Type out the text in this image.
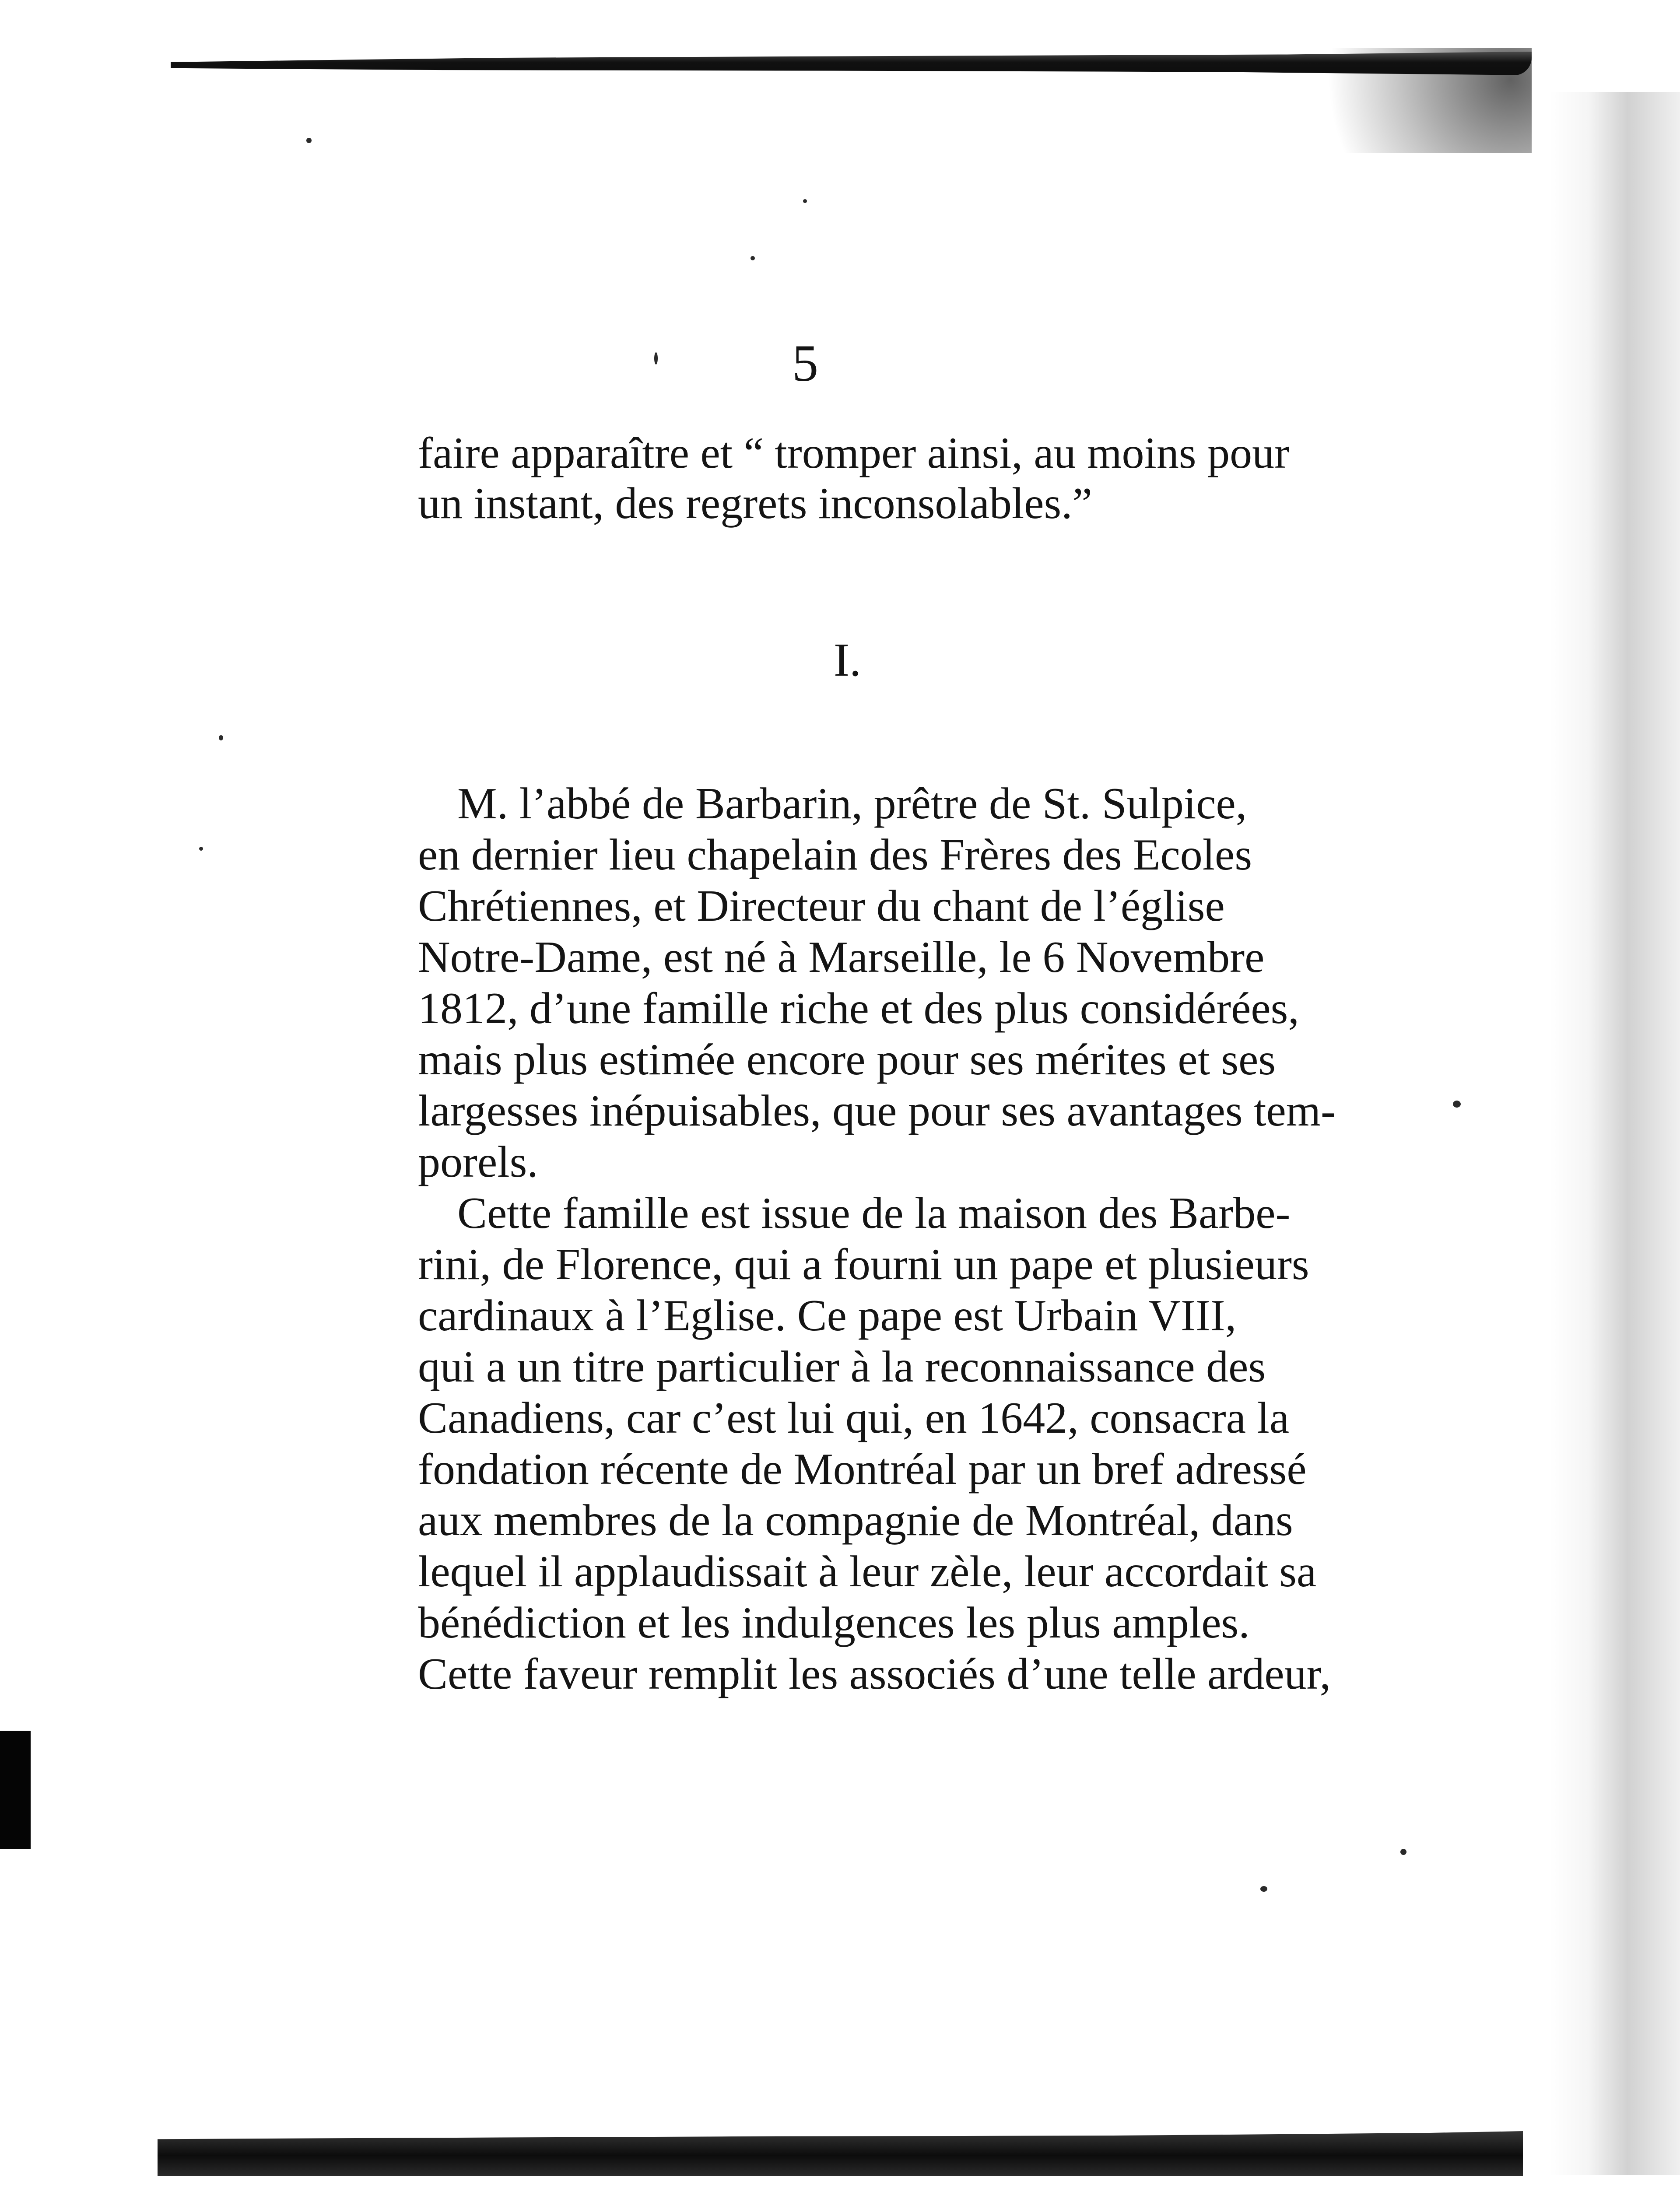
5
faire apparaître et “ tromper ainsi, au moins pour
un instant, des regrets inconsolables.”
I.
M. l’abbé de Barbarin, prêtre de St. Sulpice,
en dernier lieu chapelain des Frères des Ecoles
Chrétiennes, et Directeur du chant de l’église
Notre-Dame, est né à Marseille, le 6 Novembre
1812, d’une famille riche et des plus considérées,
mais plus estimée encore pour ses mérites et ses
largesses inépuisables, que pour ses avantages tem-
porels.
Cette famille est issue de la maison des Barbe-
rini, de Florence, qui a fourni un pape et plusieurs
cardinaux à l’Eglise. Ce pape est Urbain VIII,
qui a un titre particulier à la reconnaissance des
Canadiens, car c’est lui qui, en 1642, consacra la
fondation récente de Montréal par un bref adressé
aux membres de la compagnie de Montréal, dans
lequel il applaudissait à leur zèle, leur accordait sa
bénédiction et les indulgences les plus amples.
Cette faveur remplit les associés d’une telle ardeur,
